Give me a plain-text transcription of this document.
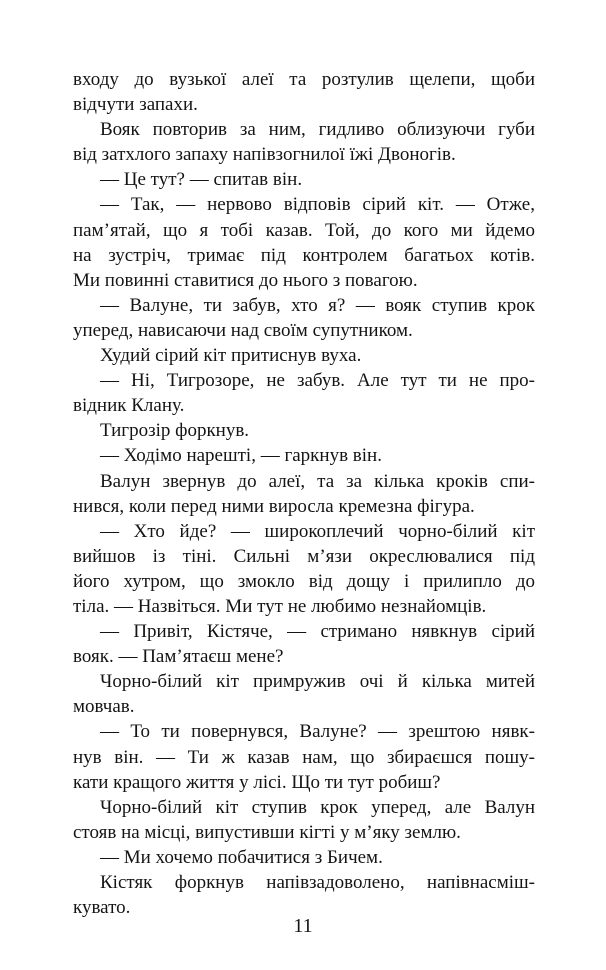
входу до вузької алеї та розтулив щелепи, щоби
відчути запахи.
Вояк повторив за ним, гидливо облизуючи губи
від затхлого запаху напівзогнилої їжі Двоногів.
— Це тут? — спитав він.
— Так, — нервово відповів сірий кіт. — Отже,
пам’ятай, що я тобі казав. Той, до кого ми йдемо
на зустріч, тримає під контролем багатьох котів.
Ми повинні ставитися до нього з повагою.
— Валуне, ти забув, хто я? — вояк ступив крок
уперед, нависаючи над своїм супутником.
Худий сірий кіт притиснув вуха.
— Ні, Тигрозоре, не забув. Але тут ти не про-
відник Клану.
Тигрозір форкнув.
— Ходімо нарешті, — гаркнув він.
Валун звернув до алеї, та за кілька кроків спи-
нився, коли перед ними виросла кремезна фігура.
— Хто йде? — широкоплечий чорно-білий кіт
вийшов із тіні. Сильні м’язи окреслювалися під
його хутром, що змокло від дощу і прилипло до
тіла. — Назвіться. Ми тут не любимо незнайомців.
— Привіт, Кістяче, — стримано нявкнув сірий
вояк. — Пам’ятаєш мене?
Чорно-білий кіт примружив очі й кілька митей
мовчав.
— То ти повернувся, Валуне? — зрештою нявк-
нув він. — Ти ж казав нам, що збираєшся пошу-
кати кращого життя у лісі. Що ти тут робиш?
Чорно-білий кіт ступив крок уперед, але Валун
стояв на місці, випустивши кігті у м’яку землю.
— Ми хочемо побачитися з Бичем.
Кістяк форкнув напівзадоволено, напівнасміш-
кувато.
11
